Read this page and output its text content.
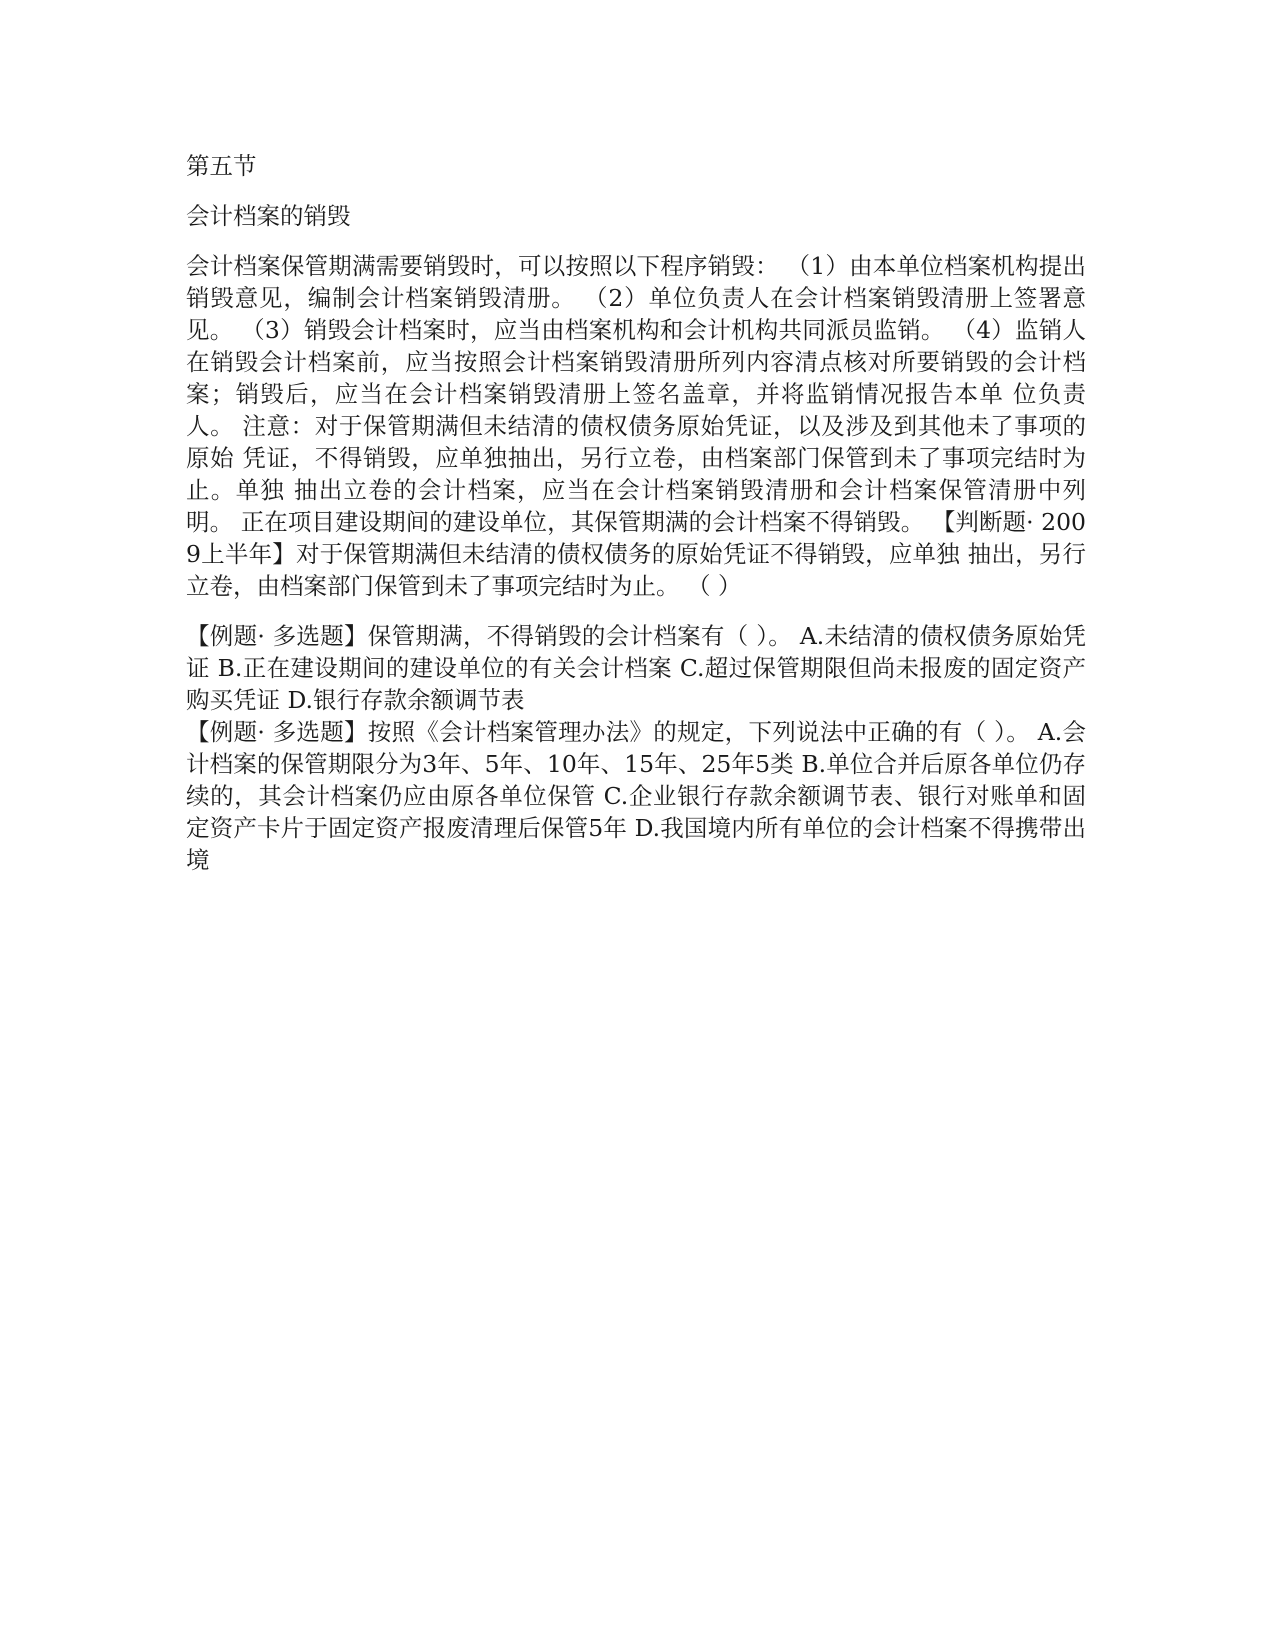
第五节
会计档案的销毁

会计档案保管期满需要销毁时，可以按照以下程序销毁： （1）由本单位档案机构提出销毁意见，编制会计档案销毁清册。 （2）单位负责人在会计档案销毁清册上签署意见。 （3）销毁会计档案时，应当由档案机构和会计机构共同派员监销。 （4）监销人在销毁会计档案前，应当按照会计档案销毁清册所列内容清点核对所要销毁的会计档案；销毁后，应当在会计档案销毁清册上签名盖章，并将监销情况报告本单 位负责人。 注意：对于保管期满但未结清的债权债务原始凭证，以及涉及到其他未了事项的原始 凭证，不得销毁，应单独抽出，另行立卷，由档案部门保管到未了事项完结时为止。单独 抽出立卷的会计档案，应当在会计档案销毁清册和会计档案保管清册中列明。 正在项目建设期间的建设单位，其保管期满的会计档案不得销毁。 【判断题· 2009上半年】对于保管期满但未结清的债权债务的原始凭证不得销毁，应单独 抽出，另行立卷，由档案部门保管到未了事项完结时为止。 （ ）

【例题· 多选题】保管期满，不得销毁的会计档案有（ ）。 A.未结清的债权债务原始凭证 B.正在建设期间的建设单位的有关会计档案 C.超过保管期限但尚未报废的固定资产购买凭证 D.银行存款余额调节表

【例题· 多选题】按照《会计档案管理办法》的规定，下列说法中正确的有（ ）。 A.会计档案的保管期限分为3年、5年、10年、15年、25年5类 B.单位合并后原各单位仍存续的，其会计档案仍应由原各单位保管 C.企业银行存款余额调节表、银行对账单和固定资产卡片于固定资产报废清理后保管5年 D.我国境内所有单位的会计档案不得携带出境
